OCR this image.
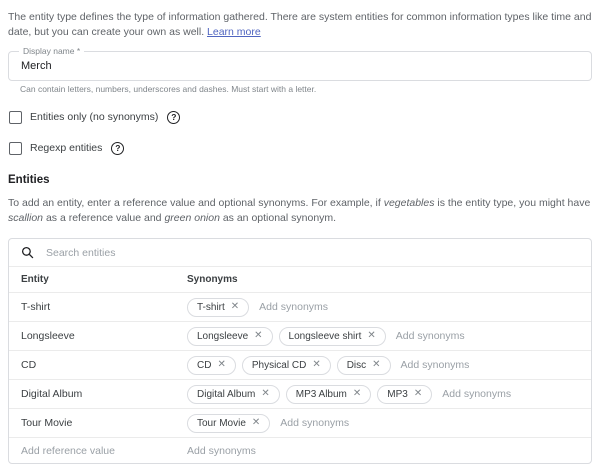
The entity type defines the type of information gathered. There are system entities for common information types like time and date, but you can create your own as well. Learn more

Display name *
Merch
Can contain letters, numbers, underscores and dashes. Must start with a letter.
Entities only (no synonyms)	?
Regexp entities	?
Entities

To add an entity, enter a reference value and optional synonyms. For example, if vegetables is the entity type, you might have scallion as a reference value and green onion as an optional synonym.

Search entities
Entity	Synonyms
T-shirt	T-shirt ✕ Add synonyms
Longsleeve	Longsleeve ✕	Longsleeve shirt ✕ Add synonyms
CD	CD ✕	Physical CD ✕	Disc ✕ Add synonyms
Digital Album	Digital Album ✕	MP3 Album ✕	MP3 ✕ Add synonyms
Tour Movie	Tour Movie ✕ Add synonyms
Add reference value	Add synonyms
